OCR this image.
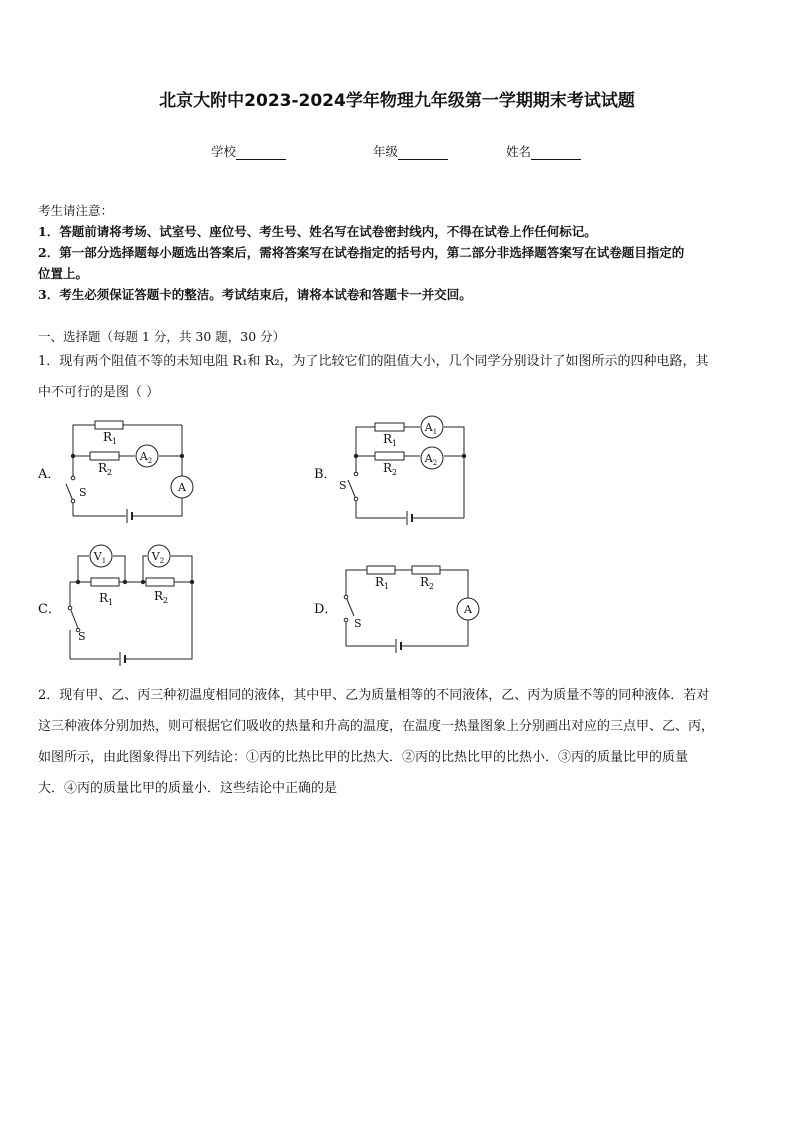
北京大附中2023-2024学年物理九年级第一学期期末考试试题
学校	年级	姓名
考生请注意：
1．答题前请将考场、试室号、座位号、考生号、姓名写在试卷密封线内，不得在试卷上作任何标记。
2．第一部分选择题每小题选出答案后，需将答案写在试卷指定的括号内，第二部分非选择题答案写在试卷题目指定的
位置上。
3．考生必须保证答题卡的整洁。考试结束后，请将本试卷和答题卡一并交回。
一、选择题（每题 1 分，共 30 题，30 分）
1．现有两个阻值不等的未知电阻 R₁和 R₂，为了比较它们的阻值大小，几个同学分别设计了如图所示的四种电路，其
中不可行的是图（ ）
A．	B．
C．	D．
$R_1$
$R_2$
$R_1$
$R_2$
$R_1$	$R_2$
$R_1$	$R_2$
$A_2$
A
$A_1$
$A_2$
$V_1$	$V_2$
A
S
S
S
S
2．现有甲、乙、丙三种初温度相同的液体，其中甲、乙为质量相等的不同液体，乙、丙为质量不等的同种液体．若对
这三种液体分别加热，则可根据它们吸收的热量和升高的温度，在温度一热量图象上分别画出对应的三点甲、乙、丙，
如图所示，由此图象得出下列结论：①丙的比热比甲的比热大．②丙的比热比甲的比热小．③丙的质量比甲的质量
大．④丙的质量比甲的质量小．这些结论中正确的是
